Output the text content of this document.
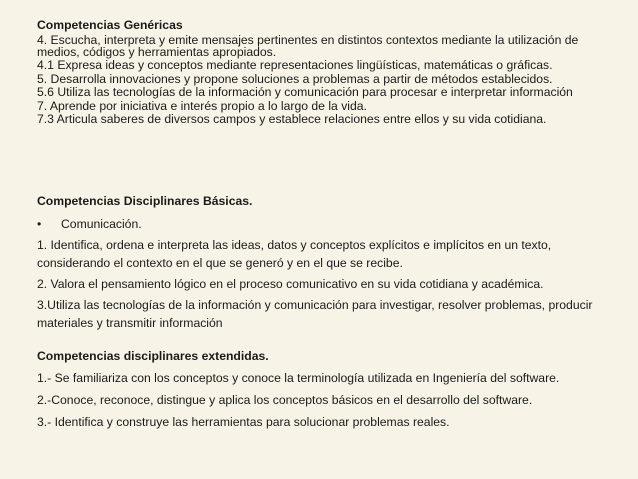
Competencias Genéricas

4. Escucha, interpreta y emite mensajes pertinentes en distintos contextos mediante la utilización de medios, códigos y herramientas apropiados.

4.1 Expresa ideas y conceptos mediante representaciones lingüísticas, matemáticas o gráficas.

5. Desarrolla innovaciones y propone soluciones a problemas a partir de métodos establecidos.

5.6 Utiliza las tecnologías de la información y comunicación para procesar e interpretar información

7. Aprende por iniciativa e interés propio a lo largo de la vida.

7.3 Articula saberes de diversos campos y establece relaciones entre ellos y su vida cotidiana.

Competencias Disciplinares Básicas.

•	Comunicación.

1. Identifica, ordena e interpreta las ideas, datos y conceptos explícitos e implícitos en un texto, considerando el contexto en el que se generó y en el que se recibe.

2. Valora el pensamiento lógico en el proceso comunicativo en su vida cotidiana y académica.

3.Utiliza las tecnologías de la información y comunicación para investigar, resolver problemas, producir materiales y transmitir información

Competencias disciplinares extendidas.

1.- Se familiariza con los conceptos y conoce la terminología utilizada en Ingeniería del software.

2.-Conoce, reconoce, distingue y aplica los conceptos básicos en el desarrollo del software.

3.- Identifica y construye las herramientas para solucionar problemas reales.
